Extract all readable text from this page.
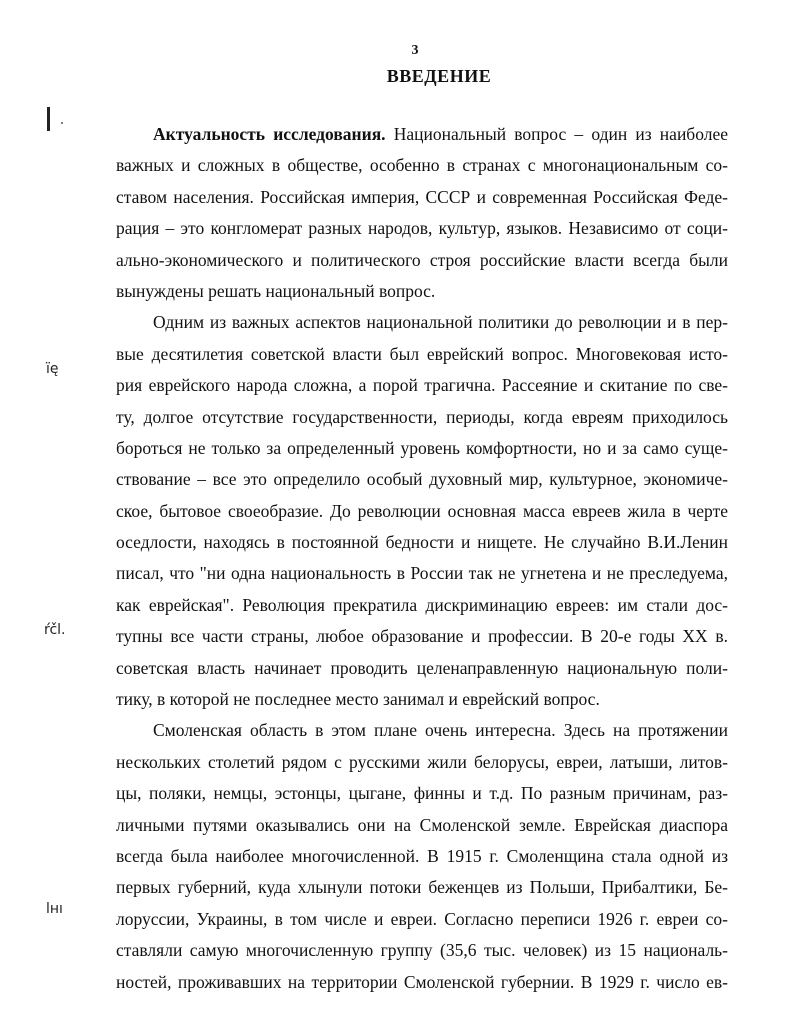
3
ВВЕДЕНИЕ
ïę
ŕčl.
lнı
Актуальность исследования. Национальный вопрос – один из наиболее
важных и сложных в обществе, особенно в странах с многонациональным со-
ставом населения. Российская империя, СССР и современная Российская Феде-
рация – это конгломерат разных народов, культур, языков. Независимо от соци-
ально-экономического и политического строя российские власти всегда были
вынуждены решать национальный вопрос.
Одним из важных аспектов национальной политики до революции и в пер-
вые десятилетия советской власти был еврейский вопрос. Многовековая исто-
рия еврейского народа сложна, а порой трагична. Рассеяние и скитание по све-
ту, долгое отсутствие государственности, периоды, когда евреям приходилось
бороться не только за определенный уровень комфортности, но и за само суще-
ствование – все это определило особый духовный мир, культурное, экономиче-
ское, бытовое своеобразие. До революции основная масса евреев жила в черте
оседлости, находясь в постоянной бедности и нищете. Не случайно В.И.Ленин
писал, что "ни одна национальность в России так не угнетена и не преследуема,
как еврейская". Революция прекратила дискриминацию евреев: им стали дос-
тупны все части страны, любое образование и профессии. В 20-е годы XX в.
советская власть начинает проводить целенаправленную национальную поли-
тику, в которой не последнее место занимал и еврейский вопрос.
Смоленская область в этом плане очень интересна. Здесь на протяжении
нескольких столетий рядом с русскими жили белорусы, евреи, латыши, литов-
цы, поляки, немцы, эстонцы, цыгане, финны и т.д. По разным причинам, раз-
личными путями оказывались они на Смоленской земле. Еврейская диаспора
всегда была наиболее многочисленной. В 1915 г. Смоленщина стала одной из
первых губерний, куда хлынули потоки беженцев из Польши, Прибалтики, Бе-
лоруссии, Украины, в том числе и евреи. Согласно переписи 1926 г. евреи со-
ставляли самую многочисленную группу (35,6 тыс. человек) из 15 националь-
ностей, проживавших на территории Смоленской губернии. В 1929 г. число ев-
